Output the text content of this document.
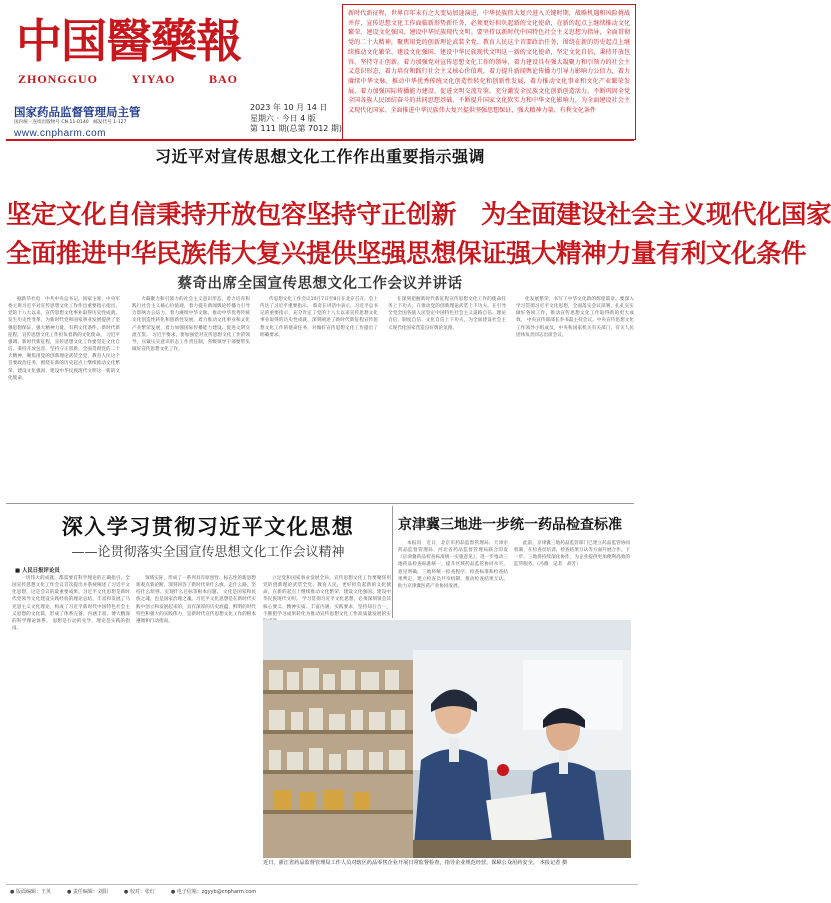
中国醫藥報
ZHONGGUO	YIYAO	BAO
国家药品监督管理局主管
国内统一连续出版物号 CN 11-0140　邮发代号 1-127
www.cnpharm.com
2023 年 10 月 14 日
星期六 · 今日 4 版
第 111 期(总第 7012 期)

新时代新征程，世界百年未有之大变局加速演进，中华民族伟大复兴进入关键时期，战略机遇和风险挑战并存，宣传思想文化工作面临新形势新任务，必须更好担负起新的文化使命，在新的起点上继续推动文化繁荣、建设文化强国、建设中华民族现代文明。要坚持以新时代中国特色社会主义思想为指导，全面贯彻党的二十大精神，聚焦用党的创新理论武装全党、教育人民这个首要政治任务，围绕在新的历史起点上继续推动文化繁荣、建设文化强国、建设中华民族现代文明这一新的文化使命，坚定文化自信，秉持开放包容，坚持守正创新，着力加强党对宣传思想文化工作的领导，着力建设具有强大凝聚力和引领力的社会主义意识形态，着力培育和践行社会主义核心价值观，着力提升新闻舆论传播力引导力影响力公信力，着力赓续中华文脉、推动中华优秀传统文化创造性转化和创新性发展，着力推动文化事业和文化产业繁荣发展，着力加强国际传播能力建设、促进文明交流互鉴，充分激发全民族文化创新创造活力，不断巩固全党全国各族人民团结奋斗的共同思想基础，不断提升国家文化软实力和中华文化影响力，为全面建设社会主义现代化国家、全面推进中华民族伟大复兴提供坚强思想保证、强大精神力量、有利文化条件

习近平对宣传思想文化工作作出重要指示强调
坚定文化自信秉持开放包容坚持守正创新　为全面建设社会主义现代化国家
全面推进中华民族伟大复兴提供坚强思想保证强大精神力量有利文化条件
蔡奇出席全国宣传思想文化工作会议并讲话

据新华社电　中共中央总书记、国家主席、中央军委主席习近平对宣传思想文化工作作出重要指示指出，党的十八大以来，宣传思想文化事业取得历史性成就，发生历史性变革，为新时代党和国家事业发展提供了坚强思想保证、强大精神力量、有利文化条件。新时代新征程，宣传思想文化工作担负着新的文化使命。 习近平强调，新时代新征程，宣传思想文化工作要坚定文化自信，秉持开放包容，坚持守正创新，全面贯彻党的二十大精神，聚焦用党的创新理论武装全党、教育人民这个首要政治任务，围绕在新的历史起点上继续推动文化繁荣、建设文化强国、建设中华民族现代文明这一新的文化使命。

大凝聚力和引领力的社会主义意识形态，着力培育和践行社会主义核心价值观，着力提升新闻舆论传播力引导力影响力公信力，着力赓续中华文脉、推动中华优秀传统文化创造性转化和创新性发展，着力推动文化事业和文化产业繁荣发展，着力加强国际传播能力建设、促进文明交流互鉴。 习近平要求，要加强党对宣传思想文化工作的领导，压紧压实意识形态工作责任制，各级领导干部要带头做好宣传思想文化工作。

传思想文化工作会议10月7日至8日在北京召开。会上传达了习近平重要指示。 蔡奇在讲话中表示，习近平总书记的重要指示，充分肯定了党的十八大以来宣传思想文化事业取得的历史性成就，深刻阐述了新时代新征程宣传思想文化工作的使命任务，对做好宣传思想文化工作提出了明确要求。

在深刻把握新时代新征程宣传思想文化工作的使命任务上下功夫，在推动党的创新理论武装上下功夫，在引导全党全国各族人民坚定中国特色社会主义道路自信、理论自信、制度自信、文化自信上下功夫，为全面建设社会主义现代化国家营造良好舆论氛围。

化发展繁荣，书写了中华文化新的辉煌篇章。要深入学习贯彻习近平文化思想，全面落实会议部署，扎扎实实做好各项工作，推动宣传思想文化工作取得新的更大成效。 中央宣传部部长李书磊主持会议。中央宣传思想文化工作领导小组成员，中央和国家机关有关部门、有关人民团体负责同志出席会议。

深入学习贯彻习近平文化思想
——论贯彻落实全国宣传思想文化工作会议精神
■ 人民日报评论员

一切伟大的成就，都需要有科学理论的正确指引。全国宣传思想文化工作会议首次提出并系统阐述了习近平文化思想，这是会议的最重要成果。习近平文化思想是新时代党领导文化建设实践经验的理论总结，丰富和发展了马克思主义文化理论，构成了习近平新时代中国特色社会主义思想的文化篇，形成了体系完备、内涵丰富、博大精深的科学理论体系。 思想是行动的先导，理论是实践的指南。

领域实际，形成了一系列具有原创性、标志性的新思想新观点新论断，深刻回答了新时代举什么旗、走什么路、坚持什么原则、实现什么目标等根本问题。 文化是国家和民族之魂，也是国家治理之魂。习近平文化思想是在新时代实践中创立和发展起来的，具有深厚的历史底蕴、鲜明的时代特色和强大的实践伟力，是新时代宣传思想文化工作的根本遵循和行动指南。

立足党和国家事业发展全局，宣传思想文化工作要聚焦用党的创新理论武装全党、教育人民，更好担负起新的文化使命，在新的起点上继续推动文化繁荣、建设文化强国、建设中华民族现代文明。 学习贯彻习近平文化思想，必须深刻领会其核心要义、精神实质、丰富内涵、实践要求，坚持知行合一，不断把学习成果转化为推动宣传思想文化工作高质量发展的实

京津冀三地进一步统一药品检查标准

本报讯　近日，北京市药品监督管理局、天津市药品监督管理局、河北省药品监督管理局联合印发《京津冀药品检查标准统一实施意见》，进一步推动三地药品检查标准统一，提升区域药品监管协同水平。意见明确，三地将统一检查程序、检查标准和检查结果判定，建立检查员共享机制，推动检查结果互认，助力京津冀医药产业协同发展。

此前，京津冀三地药品监管部门已建立药品监管协同机制，在检查员培训、检查结果互认等方面开展合作。下一步，三地将持续深化协作，为企业提供更加便利高效的监管服务。（冯薇　记者　胡芳）

近日，浙江省药品监督管理局工作人员对辖区药品零售企业开展日常监督检查，指导企业规范经营，保障公众用药安全。 本报记者 摄
● 版面编辑：王英	● 责任编辑：刘阳	● 校对：张红	● 电子信箱：zgyyb@cnpharm.com
